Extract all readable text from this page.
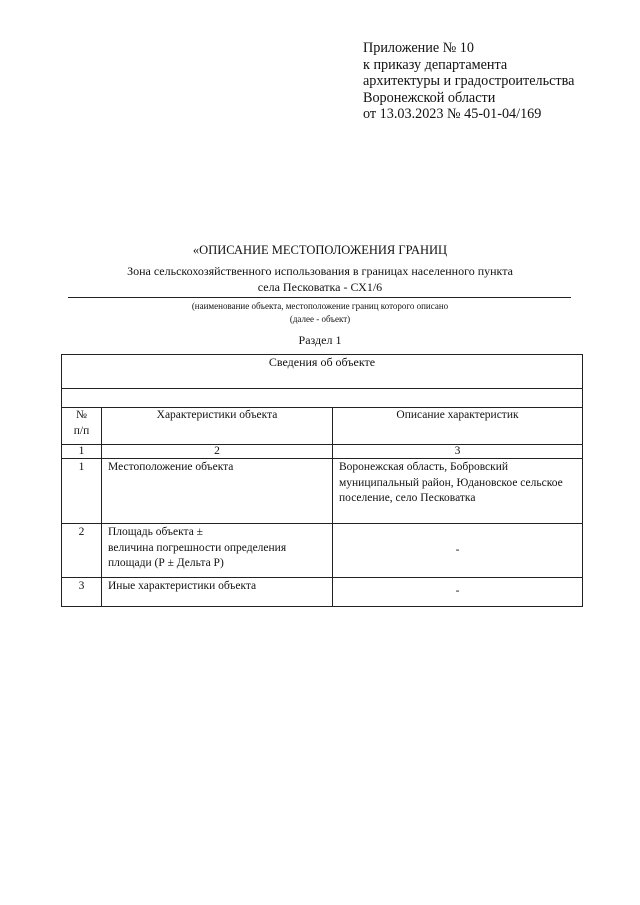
Приложение № 10
к приказу департамента
архитектуры и градостроительства
Воронежской области
от 13.03.2023 № 45-01-04/169
«ОПИСАНИЕ МЕСТОПОЛОЖЕНИЯ ГРАНИЦ
Зона сельскохозяйственного использования в границах населенного пункта
села Песковатка - СХ1/6
(наименование объекта, местоположение границ которого описано
(далее - объект)
Раздел 1
Сведения об объекте		

№
п/п	Характеристики объекта	Описание характеристик
1	2	3
1	Местоположение объекта	Воронежская область, Бобровский муниципальный район, Юдановское сельское поселение, село Песковатка
2	Площадь объекта ±
величина погрешности определения
площади (Р ± Дельта Р)	-
3	Иные характеристики объекта	-
